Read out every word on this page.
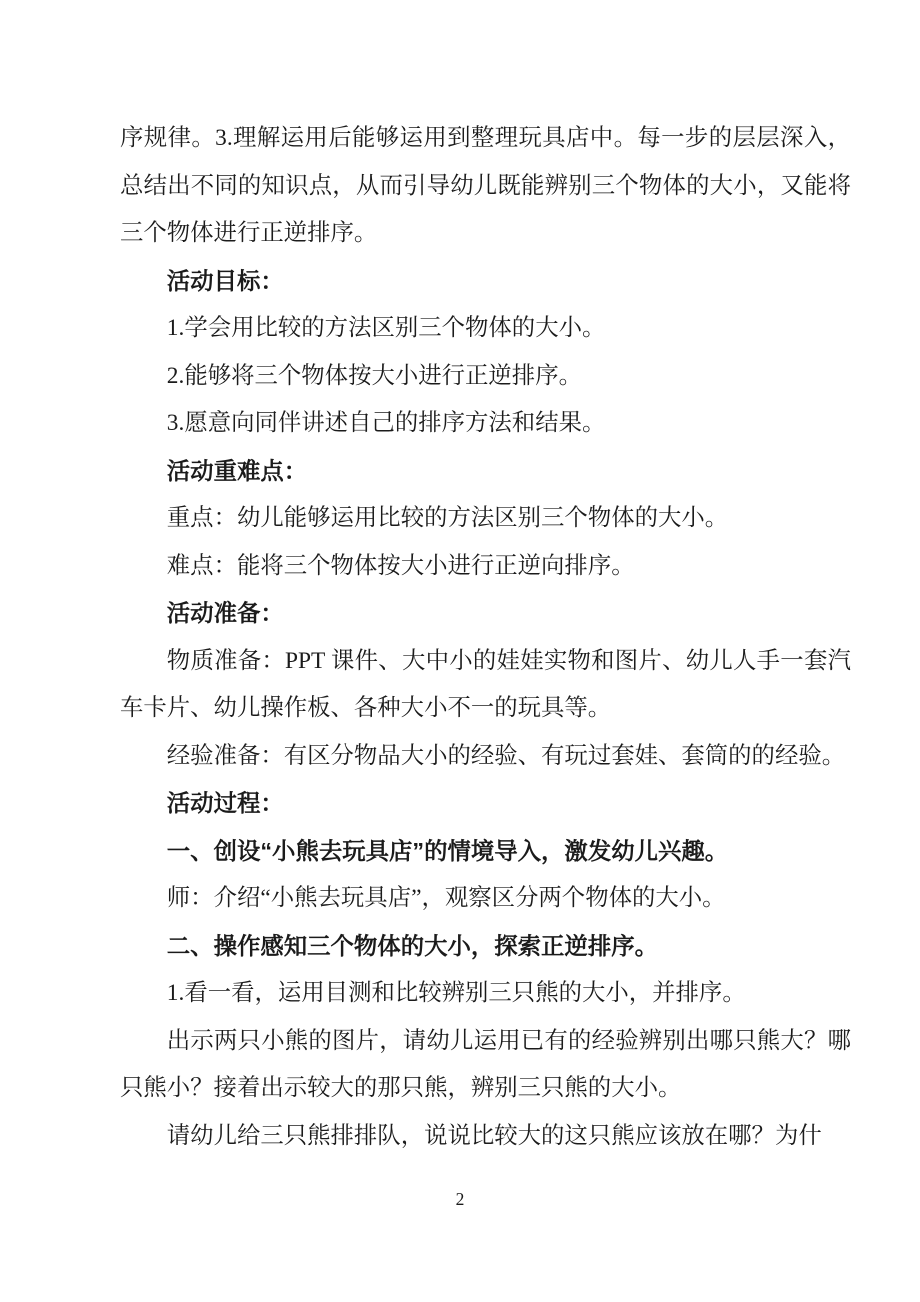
序规律。3.理解运用后能够运用到整理玩具店中。每一步的层层深入，总结出不同的知识点，从而引导幼儿既能辨别三个物体的大小，又能将三个物体进行正逆排序。

活动目标：

1.学会用比较的方法区别三个物体的大小。

2.能够将三个物体按大小进行正逆排序。

3.愿意向同伴讲述自己的排序方法和结果。

活动重难点：

重点：幼儿能够运用比较的方法区别三个物体的大小。

难点：能将三个物体按大小进行正逆向排序。

活动准备：

物质准备：PPT 课件、大中小的娃娃实物和图片、幼儿人手一套汽车卡片、幼儿操作板、各种大小不一的玩具等。

经验准备：有区分物品大小的经验、有玩过套娃、套筒的的经验。

活动过程：

一、创设“小熊去玩具店”的情境导入，激发幼儿兴趣。

师：介绍“小熊去玩具店”，观察区分两个物体的大小。

二、操作感知三个物体的大小，探索正逆排序。

1.看一看，运用目测和比较辨别三只熊的大小，并排序。

出示两只小熊的图片，请幼儿运用已有的经验辨别出哪只熊大？哪只熊小？接着出示较大的那只熊，辨别三只熊的大小。

请幼儿给三只熊排排队，说说比较大的这只熊应该放在哪？为什

2
